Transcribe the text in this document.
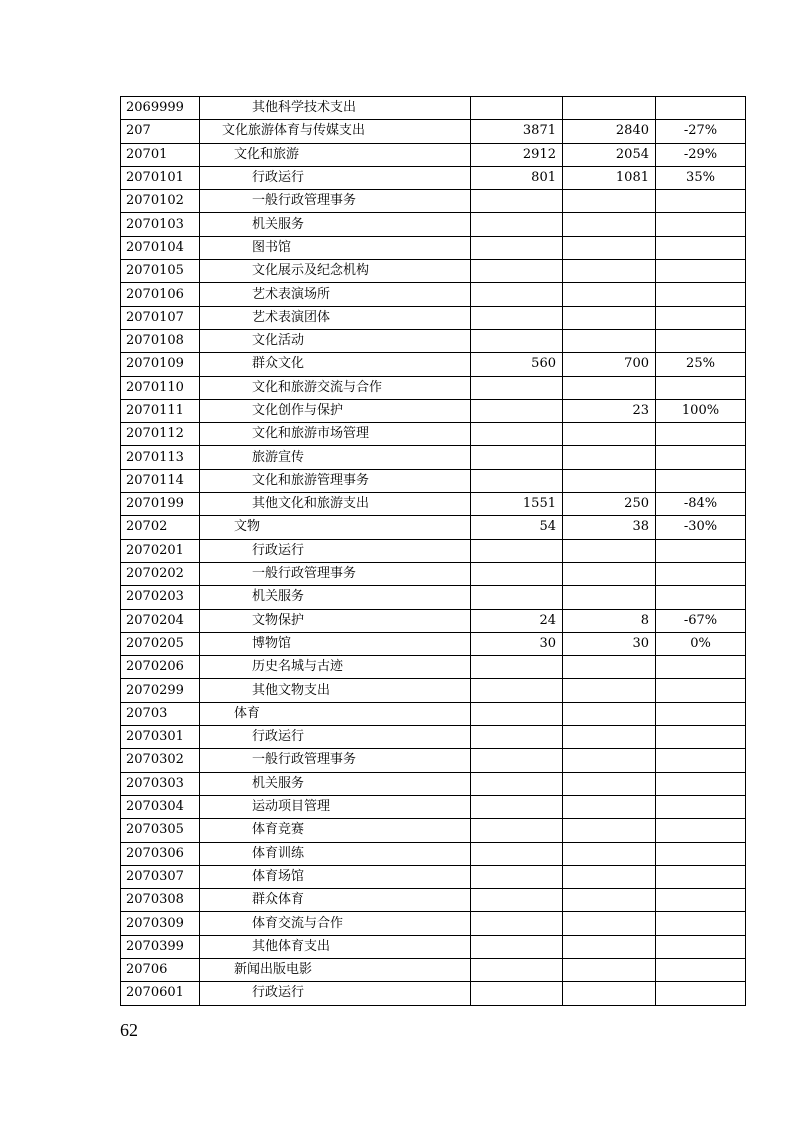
2069999	其他科学技术支出			
207	文化旅游体育与传媒支出	3871	2840	-27%
20701	文化和旅游	2912	2054	-29%
2070101	行政运行	801	1081	35%
2070102	一般行政管理事务			
2070103	机关服务			
2070104	图书馆			
2070105	文化展示及纪念机构			
2070106	艺术表演场所			
2070107	艺术表演团体			
2070108	文化活动			
2070109	群众文化	560	700	25%
2070110	文化和旅游交流与合作			
2070111	文化创作与保护		23	100%
2070112	文化和旅游市场管理			
2070113	旅游宣传			
2070114	文化和旅游管理事务			
2070199	其他文化和旅游支出	1551	250	-84%
20702	文物	54	38	-30%
2070201	行政运行			
2070202	一般行政管理事务			
2070203	机关服务			
2070204	文物保护	24	8	-67%
2070205	博物馆	30	30	0%
2070206	历史名城与古迹			
2070299	其他文物支出			
20703	体育			
2070301	行政运行			
2070302	一般行政管理事务			
2070303	机关服务			
2070304	运动项目管理			
2070305	体育竞赛			
2070306	体育训练			
2070307	体育场馆			
2070308	群众体育			
2070309	体育交流与合作			
2070399	其他体育支出			
20706	新闻出版电影			
2070601	行政运行			
62
